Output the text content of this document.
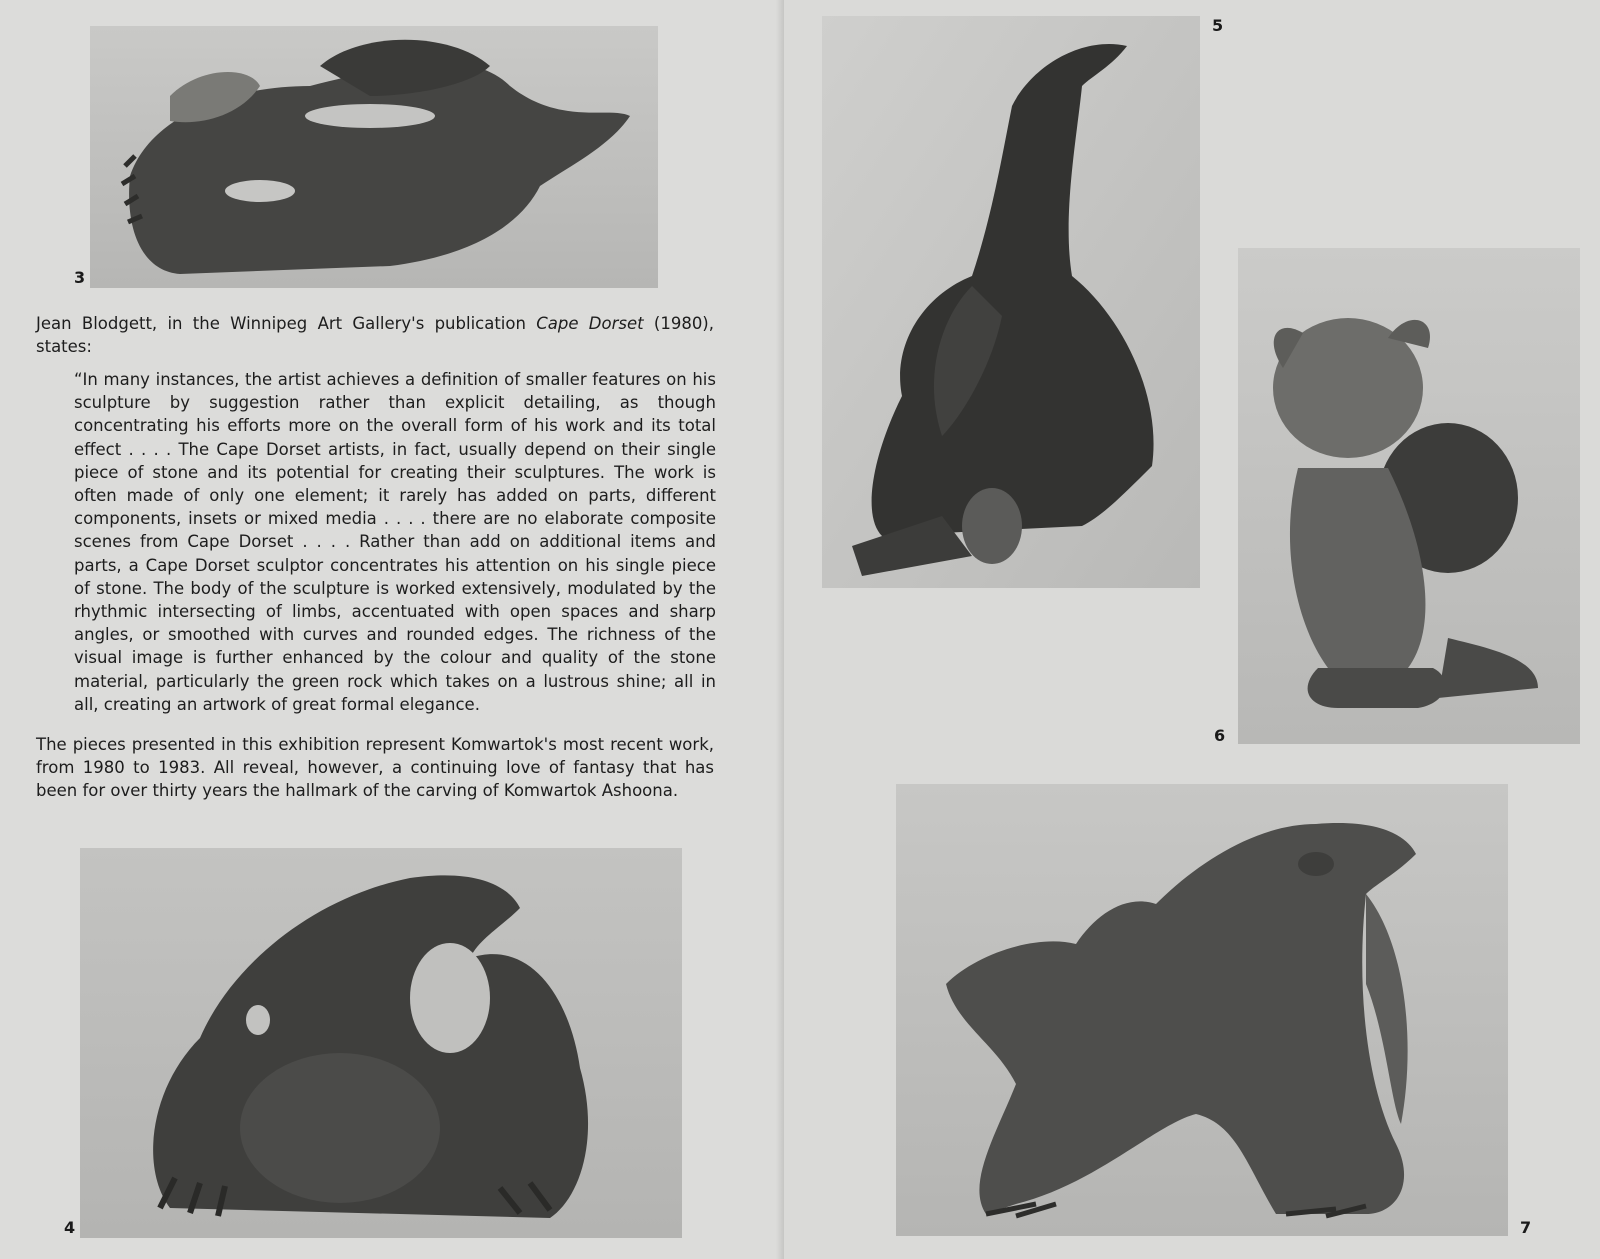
3

Jean Blodgett, in the Winnipeg Art Gallery's publication Cape Dorset (1980), states:

“In many instances, the artist achieves a definition of smaller features on his sculpture by suggestion rather than explicit detailing, as though concentrating his efforts more on the overall form of his work and its total effect . . . . The Cape Dorset artists, in fact, usually depend on their single piece of stone and its potential for creating their sculptures. The work is often made of only one element; it rarely has added on parts, different components, insets or mixed media . . . . there are no elaborate composite scenes from Cape Dorset . . . . Rather than add on additional items and parts, a Cape Dorset sculptor concentrates his attention on his single piece of stone. The body of the sculpture is worked extensively, modulated by the rhythmic intersecting of limbs, accentuated with open spaces and sharp angles, or smoothed with curves and rounded edges. The richness of the visual image is further enhanced by the colour and quality of the stone material, particularly the green rock which takes on a lustrous shine; all in all, creating an artwork of great formal elegance.

The pieces presented in this exhibition represent Komwartok's most recent work, from 1980 to 1983. All reveal, however, a continuing love of fantasy that has been for over thirty years the hallmark of the carving of Komwartok Ashoona.

4
5
6
7
